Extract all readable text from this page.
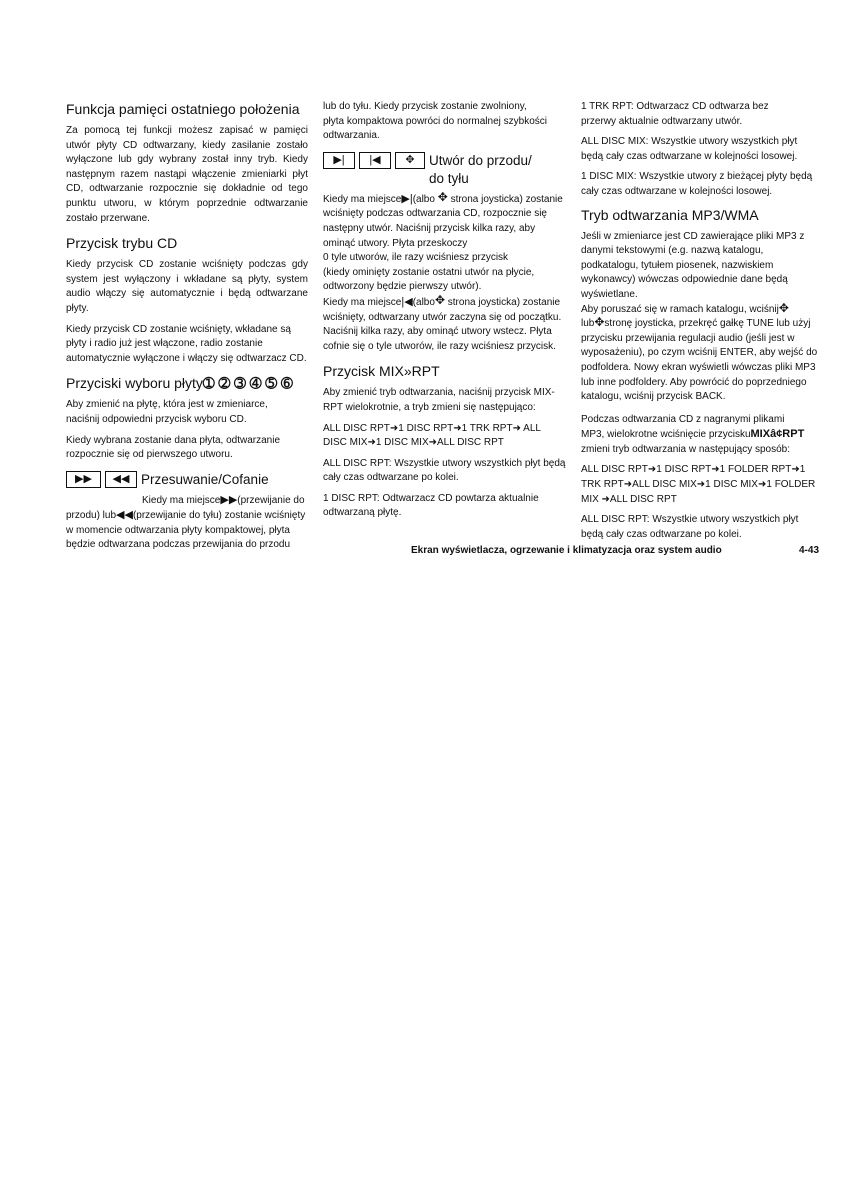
Funkcja pamięci ostatniego położenia

Za pomocą tej funkcji możesz zapisać w pamięci utwór płyty CD odtwarzany, kiedy zasilanie zostało wyłączone lub gdy wybrany został inny tryb. Kiedy następnym razem nastąpi włączenie zmieniarki płyt CD, odtwarzanie rozpocznie się dokładnie od tego punktu utworu, w którym poprzednie odtwarzanie zostało przerwane.

Przycisk trybu CD

Kiedy przycisk CD zostanie wciśnięty podczas gdy system jest wyłączony i wkładane są płyty, system audio włączy się automatycznie i będą odtwarzane płyty.

Kiedy przycisk CD zostanie wciśnięty, wkładane są
płyty i radio już jest włączone, radio zostanie
automatycznie wyłączone i włączy się odtwarzacz CD.

Przyciski wyboru płyty➀ ➁ ➂ ➃ ➄ ➅

Aby zmienić na płytę, która jest w zmieniarce,
naciśnij odpowiedni przycisk wyboru CD.

Kiedy wybrana zostanie dana płyta, odtwarzanie
rozpocznie się od pierwszego utworu.

▶▶	◀◀ Przesuwanie/Cofanie

Kiedy ma miejsce▶▶(przewijanie do
przodu) lub◀◀(przewijanie do tyłu) zostanie wciśnięty
w momencie odtwarzania płyty kompaktowej, płyta
będzie odtwarzana podczas przewijania do przodu

lub do tyłu. Kiedy przycisk zostanie zwolniony,
płyta kompaktowa powróci do normalnej szybkości
odtwarzania.

▶|	|◀	✥	Utwór do przodu/
do tyłu

Kiedy ma miejsce▶|(albo ✥ strona joysticka) zostanie
wciśnięty podczas odtwarzania CD, rozpocznie się
następny utwór. Naciśnij przycisk kilka razy, aby
ominąć utwory. Płyta przeskoczy
0 tyle utworów, ile razy wciśniesz przycisk
(kiedy ominięty zostanie ostatni utwór na płycie,
odtworzony będzie pierwszy utwór).
Kiedy ma miejsce|◀(albo✥ strona joysticka) zostanie
wciśnięty, odtwarzany utwór zaczyna się od początku.
Naciśnij kilka razy, aby ominąć utwory wstecz. Płyta
cofnie się o tyle utworów, ile razy wciśniesz przycisk.

Przycisk MIX»RPT

Aby zmienić tryb odtwarzania, naciśnij przycisk MIX-
RPT wielokrotnie, a tryb zmieni się następująco:

ALL DISC RPT➜1 DISC RPT➜1 TRK RPT➜ ALL
DISC MIX➜1 DISC MIX➜ALL DISC RPT

ALL DISC RPT: Wszystkie utwory wszystkich płyt będą
cały czas odtwarzane po kolei.

1 DISC RPT: Odtwarzacz CD powtarza aktualnie
odtwarzaną płytę.

1 TRK RPT: Odtwarzacz CD odtwarza bez
przerwy aktualnie odtwarzany utwór.

ALL DISC MIX: Wszystkie utwory wszystkich płyt
będą cały czas odtwarzane w kolejności losowej.

1 DISC MIX: Wszystkie utwory z bieżącej płyty będą
cały czas odtwarzane w kolejności losowej.

Tryb odtwarzania MP3/WMA

Jeśli w zmieniarce jest CD zawierające pliki MP3 z
danymi tekstowymi (e.g. nazwą katalogu,
podkatalogu, tytułem piosenek, nazwiskiem
wykonawcy) wówczas odpowiednie dane będą
wyświetlane.
Aby poruszać się w ramach katalogu, wciśnij✥
lub✥stronę joysticka, przekręć gałkę TUNE lub użyj
przycisku przewijania regulacji audio (jeśli jest w
wyposażeniu), po czym wciśnij ENTER, aby wejść do
podfoldera. Nowy ekran wyświetli wówczas pliki MP3
lub inne podfoldery. Aby powrócić do poprzedniego
katalogu, wciśnij przycisk BACK.

Podczas odtwarzania CD z nagranymi plikami
MP3, wielokrotne wciśnięcie przyciskuMIXâ¢RPT
zmieni tryb odtwarzania w następujący sposób:

ALL DISC RPT➜1 DISC RPT➜1 FOLDER RPT➜1
TRK RPT➜ALL DISC MIX➜1 DISC MIX➜1 FOLDER
MIX ➜ALL DISC RPT

ALL DISC RPT: Wszystkie utwory wszystkich płyt
będą cały czas odtwarzane po kolei.

Ekran wyświetlacza, ogrzewanie i klimatyzacja oraz system audio	4-43
